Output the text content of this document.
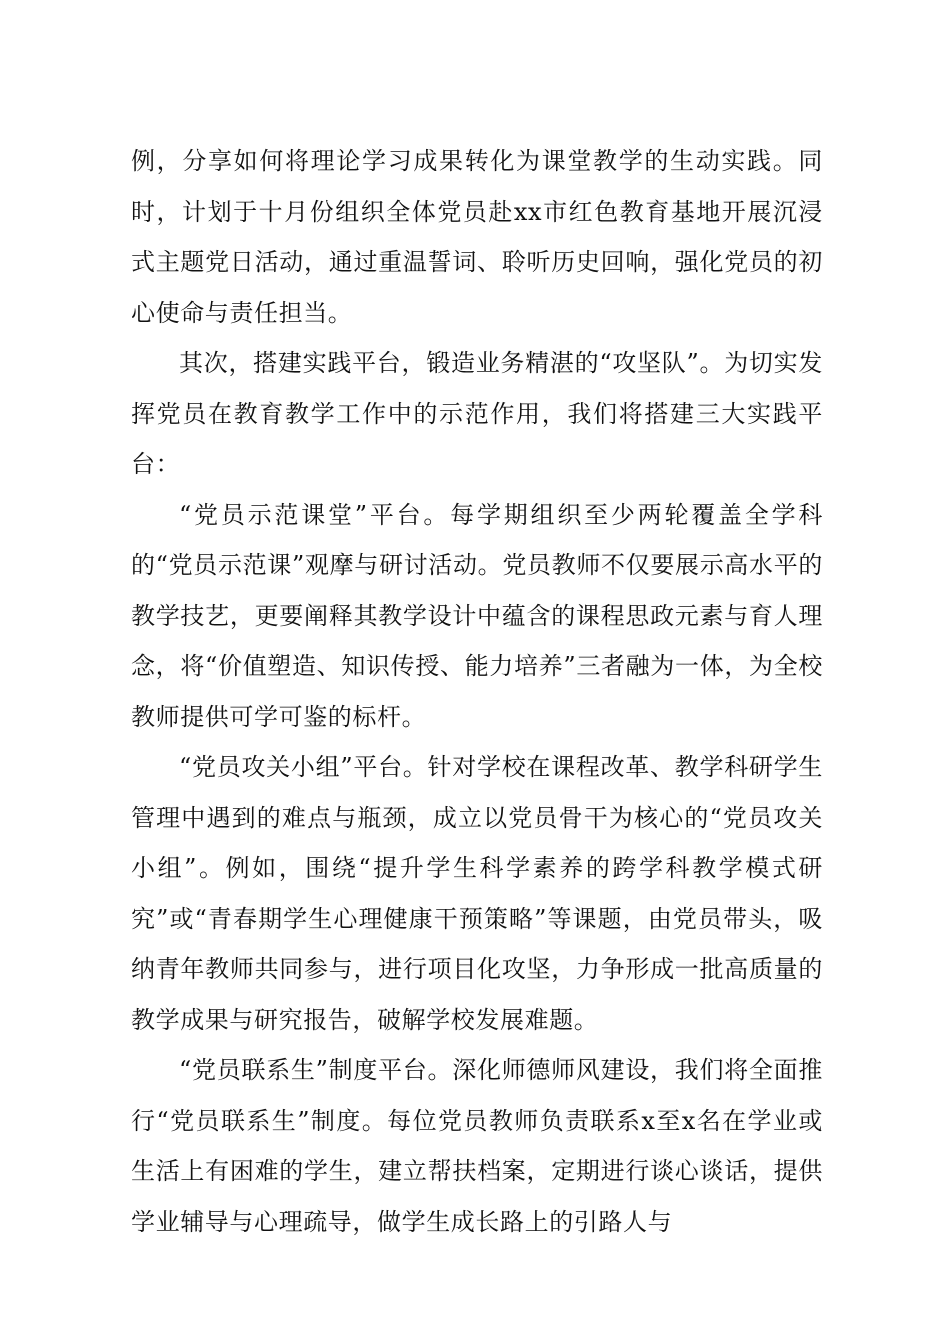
例，分享如何将理论学习成果转化为课堂教学的生动实践。同时，计划于十月份组织全体党员赴xx市红色教育基地开展沉浸式主题党日活动，通过重温誓词、聆听历史回响，强化党员的初心使命与责任担当。

其次，搭建实践平台，锻造业务精湛的“攻坚队”。为切实发挥党员在教育教学工作中的示范作用，我们将搭建三大实践平台：

“党员示范课堂”平台。每学期组织至少两轮覆盖全学科的“党员示范课”观摩与研讨活动。党员教师不仅要展示高水平的教学技艺，更要阐释其教学设计中蕴含的课程思政元素与育人理念，将“价值塑造、知识传授、能力培养”三者融为一体，为全校教师提供可学可鉴的标杆。

“党员攻关小组”平台。针对学校在课程改革、教学科研学生管理中遇到的难点与瓶颈，成立以党员骨干为核心的“党员攻关小组”。例如，围绕“提升学生科学素养的跨学科教学模式研究”或“青春期学生心理健康干预策略”等课题，由党员带头，吸纳青年教师共同参与，进行项目化攻坚，力争形成一批高质量的教学成果与研究报告，破解学校发展难题。

“党员联系生”制度平台。深化师德师风建设，我们将全面推行“党员联系生”制度。每位党员教师负责联系x至x名在学业或生活上有困难的学生，建立帮扶档案，定期进行谈心谈话，提供学业辅导与心理疏导，做学生成长路上的引路人与
